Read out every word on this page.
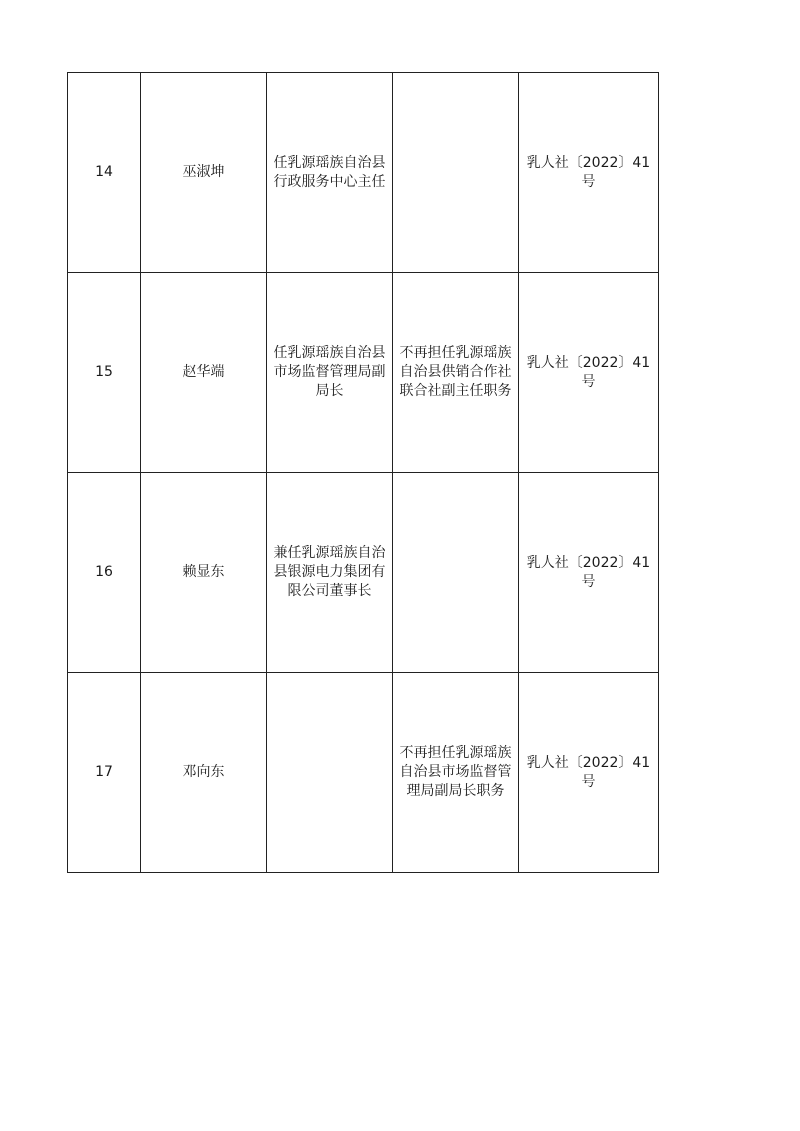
14	巫淑坤	任乳源瑶族自治县行政服务中心主任		乳人社〔2022〕41号
15	赵华端	任乳源瑶族自治县市场监督管理局副局长	不再担任乳源瑶族自治县供销合作社联合社副主任职务	乳人社〔2022〕41号
16	赖显东	兼任乳源瑶族自治县银源电力集团有限公司董事长		乳人社〔2022〕41号
17	邓向东		不再担任乳源瑶族自治县市场监督管理局副局长职务	乳人社〔2022〕41号
